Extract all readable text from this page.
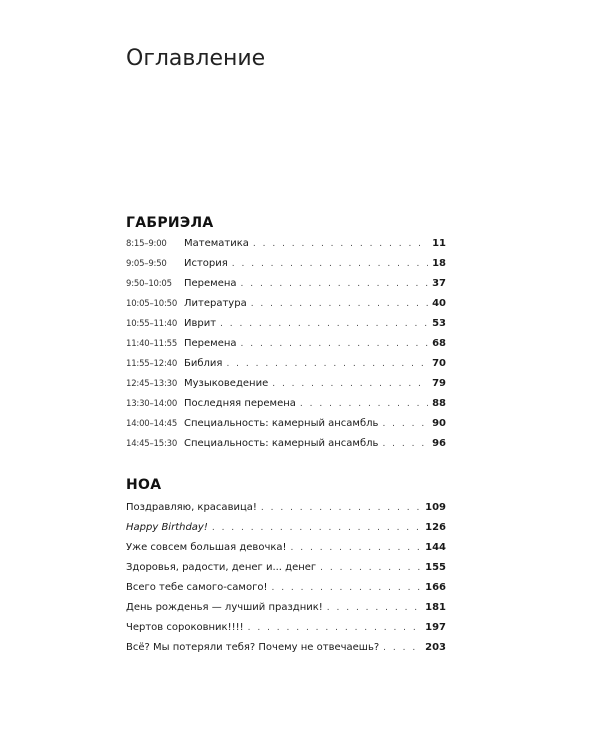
Оглавление
ГАБРИЭЛА
8:15–9:00	Математика . . .	11
9:05–9:50	История . . .	18
9:50–10:05	Перемена . . .	37
10:05–10:50 Литература . . .	40
10:55–11:40 Иврит . . .	53
11:40–11:55 Перемена . . .	68
11:55–12:40 Библия . . .	70
12:45–13:30 Музыковедение . . .	79
13:30–14:00 Последняя перемена . . .	88
14:00–14:45 Специальность: камерный ансамбль . . .	90
14:45–15:30 Специальность: камерный ансамбль . . .	96
НОА
Поздравляю, красавица! . . .	109
Happy Birthday! . . .	126
Уже совсем большая девочка! . . .	144
Здоровья, радости, денег и... денег . . .	155
Всего тебе самого-самого! . . .	166
День рожденья — лучший праздник! . . .	181
Чертов сороковник!!!! . . .	197
Всё? Мы потеряли тебя? Почему не отвечаешь? . . .	203
